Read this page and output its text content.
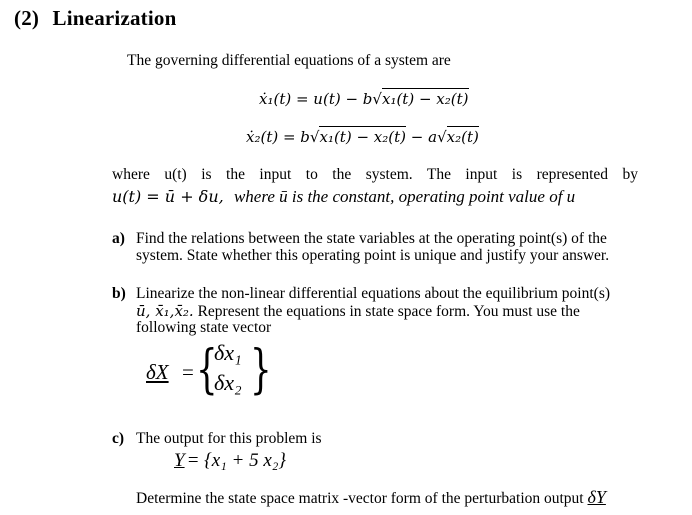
(2) Linearization
The governing differential equations of a system are
ẋ₁(t) = u(t) − b√x₁(t) − x₂(t)
ẋ₂(t) = b√x₁(t) − x₂(t) − a√x₂(t)
where u(t) is the input to the system. The input is represented by
u(t) = ū + δu, where ū is the constant, operating point value of u
a) Find the relations between the state variables at the operating point(s) of the
system. State whether this operating point is unique and justify your answer.
b) Linearize the non-linear differential equations about the equilibrium point(s)
ū, x̄₁,x̄₂. Represent the equations in state space form. You must use the
following state vector
δX = {
δx₁
δx₂ }
c) The output for this problem is
Y = {x₁ + 5 x₂}
Determine the state space matrix -vector form of the perturbation output δY
